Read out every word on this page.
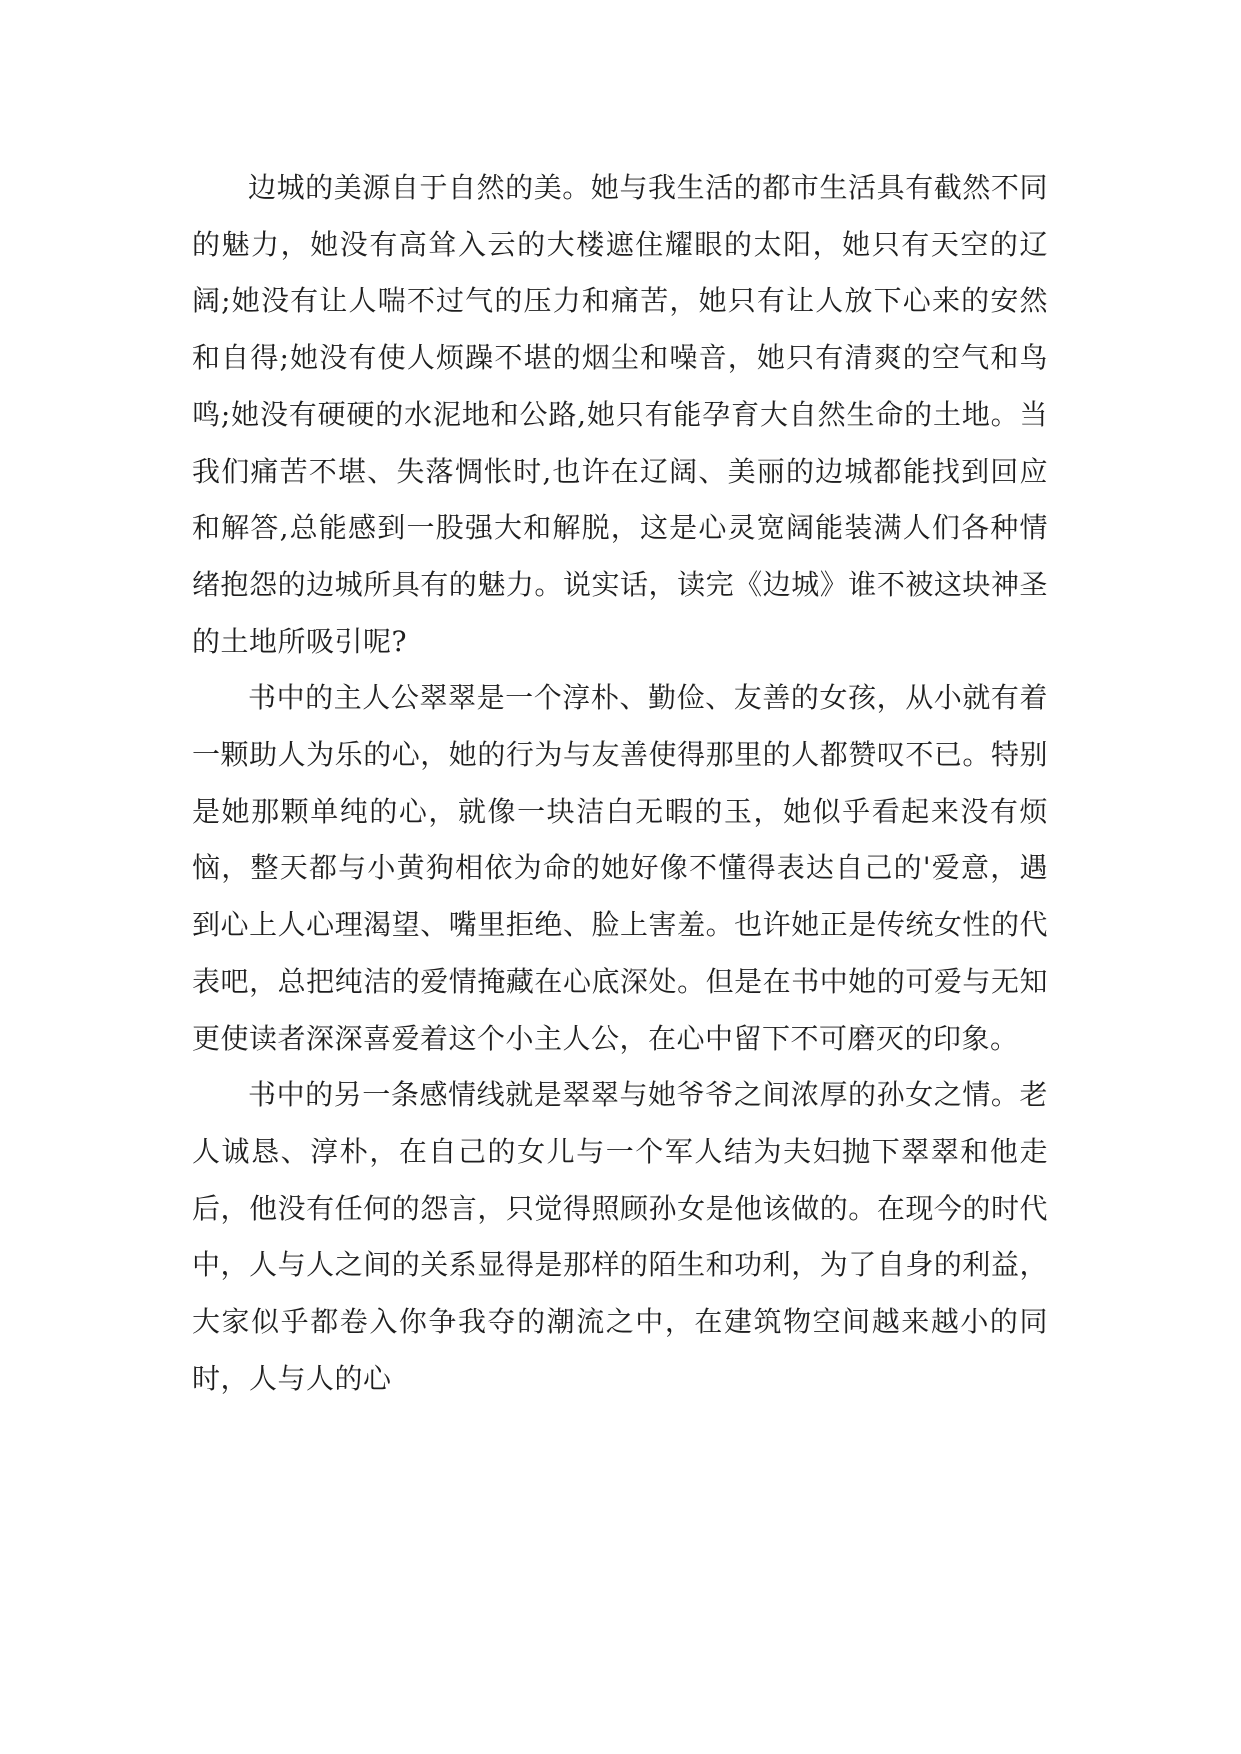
边城的美源自于自然的美。她与我生活的都市生活具有截然不同的魅力，她没有高耸入云的大楼遮住耀眼的太阳，她只有天空的辽阔;她没有让人喘不过气的压力和痛苦，她只有让人放下心来的安然和自得;她没有使人烦躁不堪的烟尘和噪音，她只有清爽的空气和鸟鸣;她没有硬硬的水泥地和公路,她只有能孕育大自然生命的土地。当我们痛苦不堪、失落惆怅时,也许在辽阔、美丽的边城都能找到回应和解答,总能感到一股强大和解脱，这是心灵宽阔能装满人们各种情绪抱怨的边城所具有的魅力。说实话，读完《边城》谁不被这块神圣的土地所吸引呢?

书中的主人公翠翠是一个淳朴、勤俭、友善的女孩，从小就有着一颗助人为乐的心，她的行为与友善使得那里的人都赞叹不已。特别是她那颗单纯的心，就像一块洁白无暇的玉，她似乎看起来没有烦恼，整天都与小黄狗相依为命的她好像不懂得表达自己的'爱意，遇到心上人心理渴望、嘴里拒绝、脸上害羞。也许她正是传统女性的代表吧，总把纯洁的爱情掩藏在心底深处。但是在书中她的可爱与无知更使读者深深喜爱着这个小主人公，在心中留下不可磨灭的印象。

书中的另一条感情线就是翠翠与她爷爷之间浓厚的孙女之情。老人诚恳、淳朴，在自己的女儿与一个军人结为夫妇抛下翠翠和他走后，他没有任何的怨言，只觉得照顾孙女是他该做的。在现今的时代中，人与人之间的关系显得是那样的陌生和功利，为了自身的利益，大家似乎都卷入你争我夺的潮流之中，在建筑物空间越来越小的同时，人与人的心
